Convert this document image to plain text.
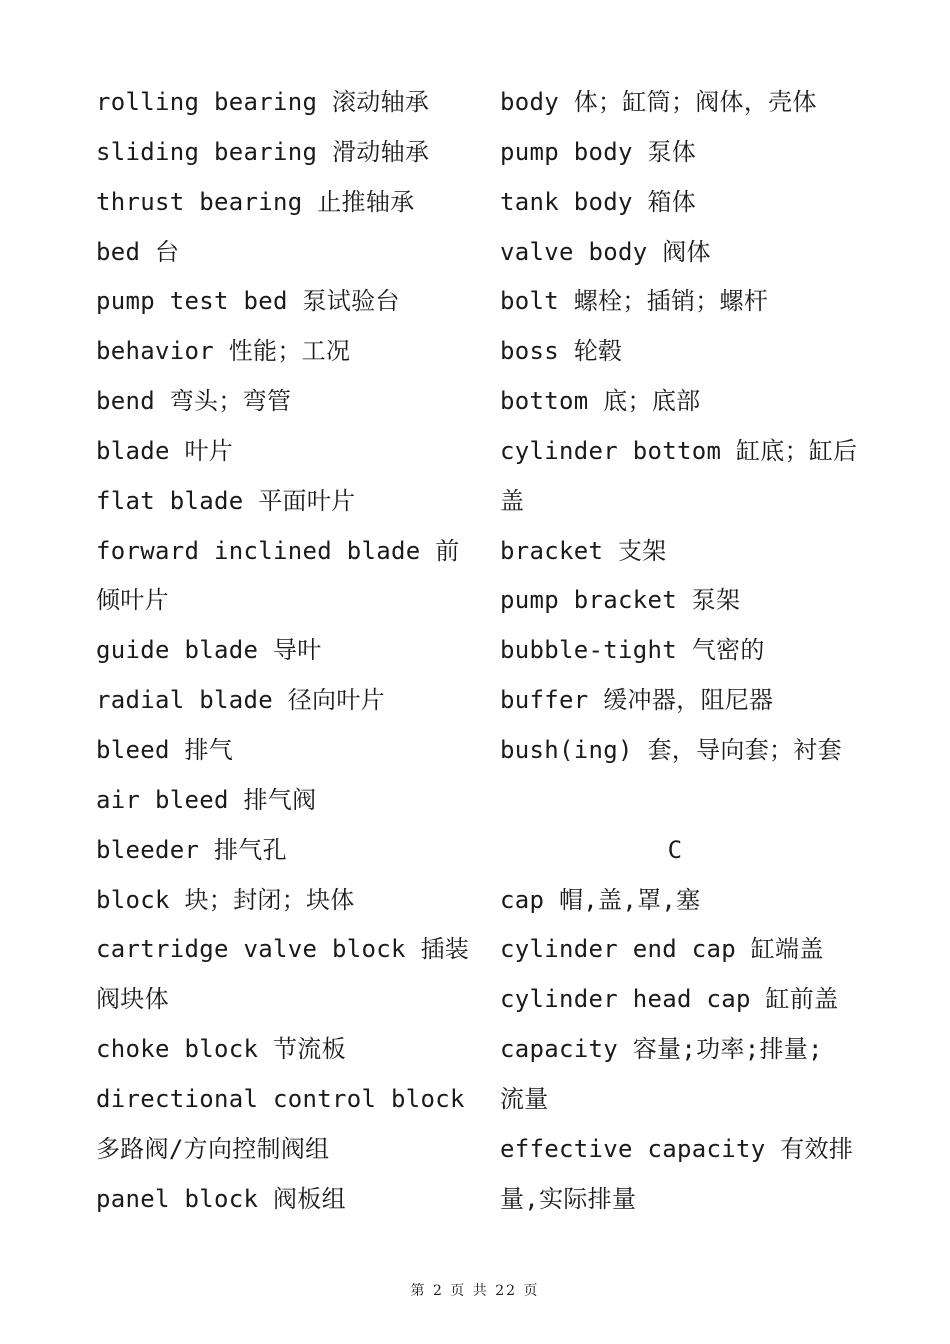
rolling bearing 滚动轴承
sliding bearing 滑动轴承
thrust bearing 止推轴承
bed 台
pump test bed 泵试验台
behavior 性能；工况
bend 弯头；弯管
blade 叶片
flat blade 平面叶片
forward inclined blade 前
倾叶片
guide blade 导叶
radial blade 径向叶片
bleed 排气
air bleed 排气阀
bleeder 排气孔
block 块；封闭；块体
cartridge valve block 插装
阀块体
choke block 节流板
directional control block
多路阀/方向控制阀组
panel block 阀板组
body 体；缸筒；阀体，壳体
pump body 泵体
tank body 箱体
valve body 阀体
bolt 螺栓；插销；螺杆
boss 轮毂
bottom 底；底部
cylinder bottom 缸底；缸后
盖
bracket 支架
pump bracket 泵架
bubble-tight 气密的
buffer 缓冲器，阻尼器
bush(ing) 套，导向套；衬套
C
cap 帽,盖,罩,塞
cylinder end cap 缸端盖
cylinder head cap 缸前盖
capacity 容量;功率;排量;
流量
effective capacity 有效排
量,实际排量
第 2 页 共 22 页
